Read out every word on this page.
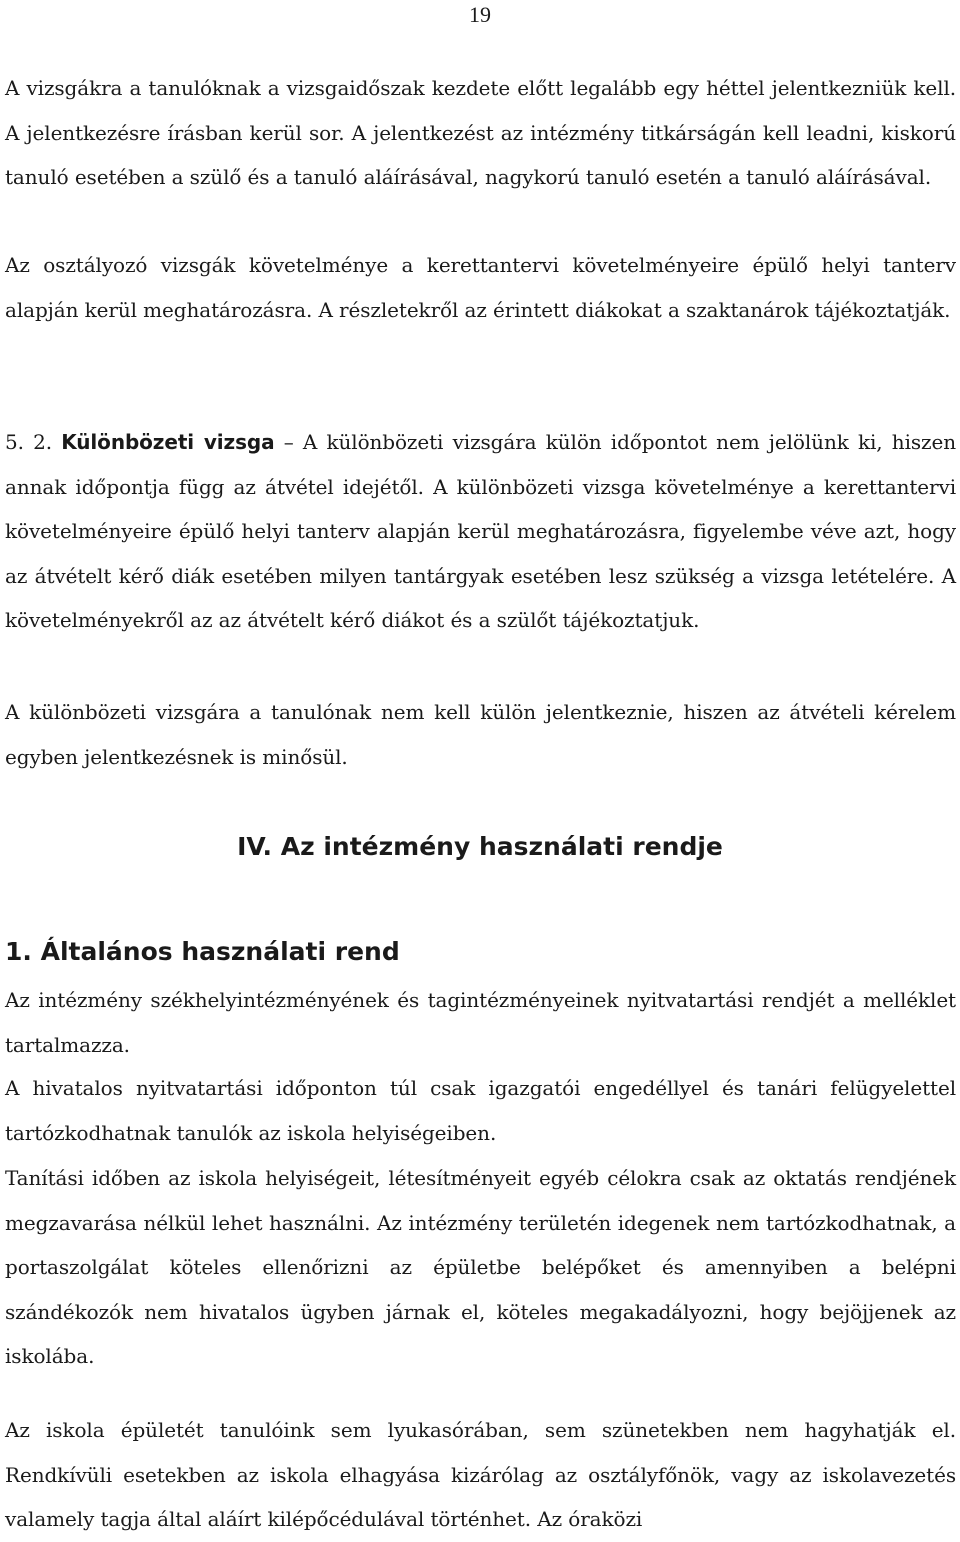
19

A vizsgákra a tanulóknak a vizsgaidőszak kezdete előtt legalább egy héttel jelentkezniük kell. A jelentkezésre írásban kerül sor. A jelentkezést az intézmény titkárságán kell leadni, kiskorú tanuló esetében a szülő és a tanuló aláírásával, nagykorú tanuló esetén a tanuló aláírásával.

Az osztályozó vizsgák követelménye a kerettantervi követelményeire épülő helyi tanterv alapján kerül meghatározásra. A részletekről az érintett diákokat a szaktanárok tájékoztatják.

5. 2. Különbözeti vizsga – A különbözeti vizsgára külön időpontot nem jelölünk ki, hiszen annak időpontja függ az átvétel idejétől. A különbözeti vizsga követelménye a kerettantervi követelményeire épülő helyi tanterv alapján kerül meghatározásra, figyelembe véve azt, hogy az átvételt kérő diák esetében milyen tantárgyak esetében lesz szükség a vizsga letételére. A követelményekről az az átvételt kérő diákot és a szülőt tájékoztatjuk.

A különbözeti vizsgára a tanulónak nem kell külön jelentkeznie, hiszen az átvételi kérelem egyben jelentkezésnek is minősül.

IV. Az intézmény használati rendje
1. Általános használati rend

Az intézmény székhelyintézményének és tagintézményeinek nyitvatartási rendjét a melléklet tartalmazza.

A hivatalos nyitvatartási időponton túl csak igazgatói engedéllyel és tanári felügyelettel tartózkodhatnak tanulók az iskola helyiségeiben.

Tanítási időben az iskola helyiségeit, létesítményeit egyéb célokra csak az oktatás rendjének megzavarása nélkül lehet használni. Az intézmény területén idegenek nem tartózkodhatnak, a portaszolgálat köteles ellenőrizni az épületbe belépőket és amennyiben a belépni szándékozók nem hivatalos ügyben járnak el, köteles megakadályozni, hogy bejöjjenek az iskolába.

Az iskola épületét tanulóink sem lyukasórában, sem szünetekben nem hagyhatják el. Rendkívüli esetekben az iskola elhagyása kizárólag az osztályfőnök, vagy az iskolavezetés valamely tagja által aláírt kilépőcédulával történhet. Az óraközi
